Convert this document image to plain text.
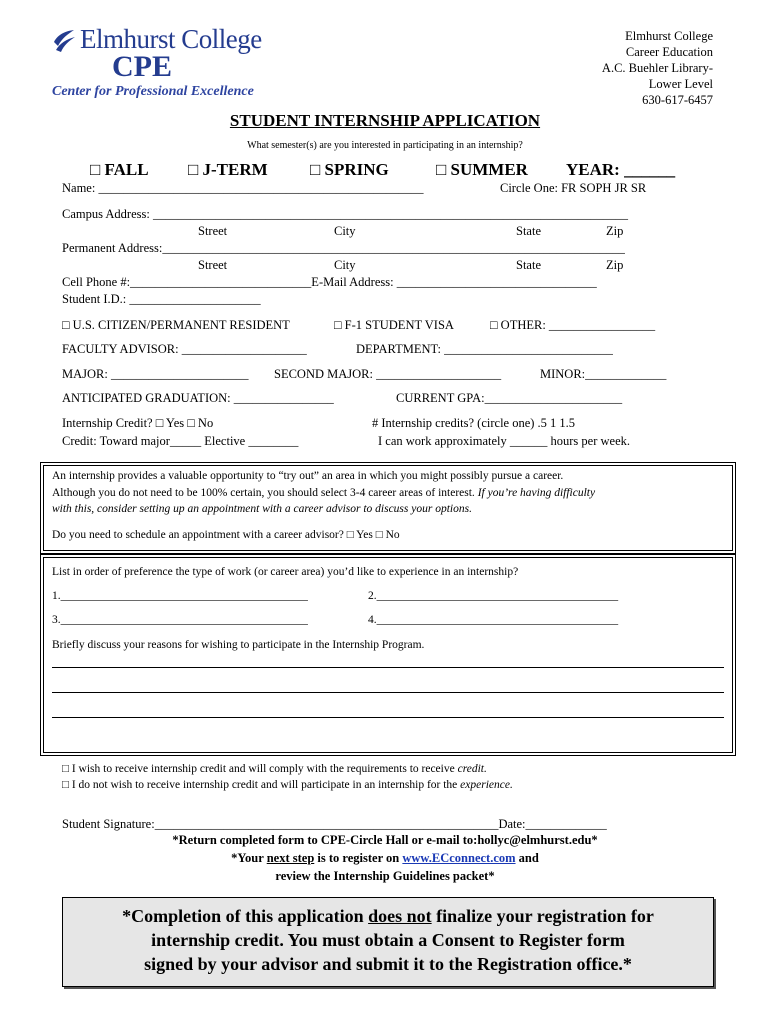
Elmhurst College
CPE
Center for Professional Excellence
Elmhurst College
Career Education
A.C. Buehler Library-
Lower Level
630-617-6457
STUDENT INTERNSHIP APPLICATION
What semester(s) are you interested in participating in an internship?
□ FALL □ J-TERM □ SPRING	□ SUMMER YEAR: ______
Name: ____________________________________________________	Circle One: FR SOPH JR SR
Campus Address: ____________________________________________________________________________
Street	City	State	Zip
Permanent Address:__________________________________________________________________________
Street	City	State	Zip
Cell Phone #:_____________________________E-Mail Address: ________________________________
Student I.D.: _____________________
□ U.S. CITIZEN/PERMANENT RESIDENT	□ F-1 STUDENT VISA	□ OTHER: _________________
FACULTY ADVISOR: ____________________	DEPARTMENT: ___________________________
MAJOR: ______________________ SECOND MAJOR: ____________________	MINOR:_____________
ANTICIPATED GRADUATION: ________________	CURRENT GPA:______________________
Internship Credit? □ Yes □ No	# Internship credits? (circle one) .5 1 1.5
Credit: Toward major_____ Elective ________	I can work approximately ______ hours per week.
An internship provides a valuable opportunity to “try out” an area in which you might possibly pursue a career.
Although you do not need to be 100% certain, you should select 3-4 career areas of interest. If you’re having difficulty
with this, consider setting up an appointment with a career advisor to discuss your options.
Do you need to schedule an appointment with a career advisor? □ Yes □ No
List in order of preference the type of work (or career area) you’d like to experience in an internship?
1.___________________________________________	2.__________________________________________
3.___________________________________________	4.__________________________________________
Briefly discuss your reasons for wishing to participate in the Internship Program.
□ I wish to receive internship credit and will comply with the requirements to receive credit.
□ I do not wish to receive internship credit and will participate in an internship for the experience.
Student Signature:_______________________________________________________Date:_____________
*Return completed form to CPE-Circle Hall or e-mail to:hollyc@elmhurst.edu*
*Your next step is to register on www.ECconnect.com and
review the Internship Guidelines packet*
*Completion of this application does not finalize your registration for
internship credit. You must obtain a Consent to Register form
signed by your advisor and submit it to the Registration office.*
